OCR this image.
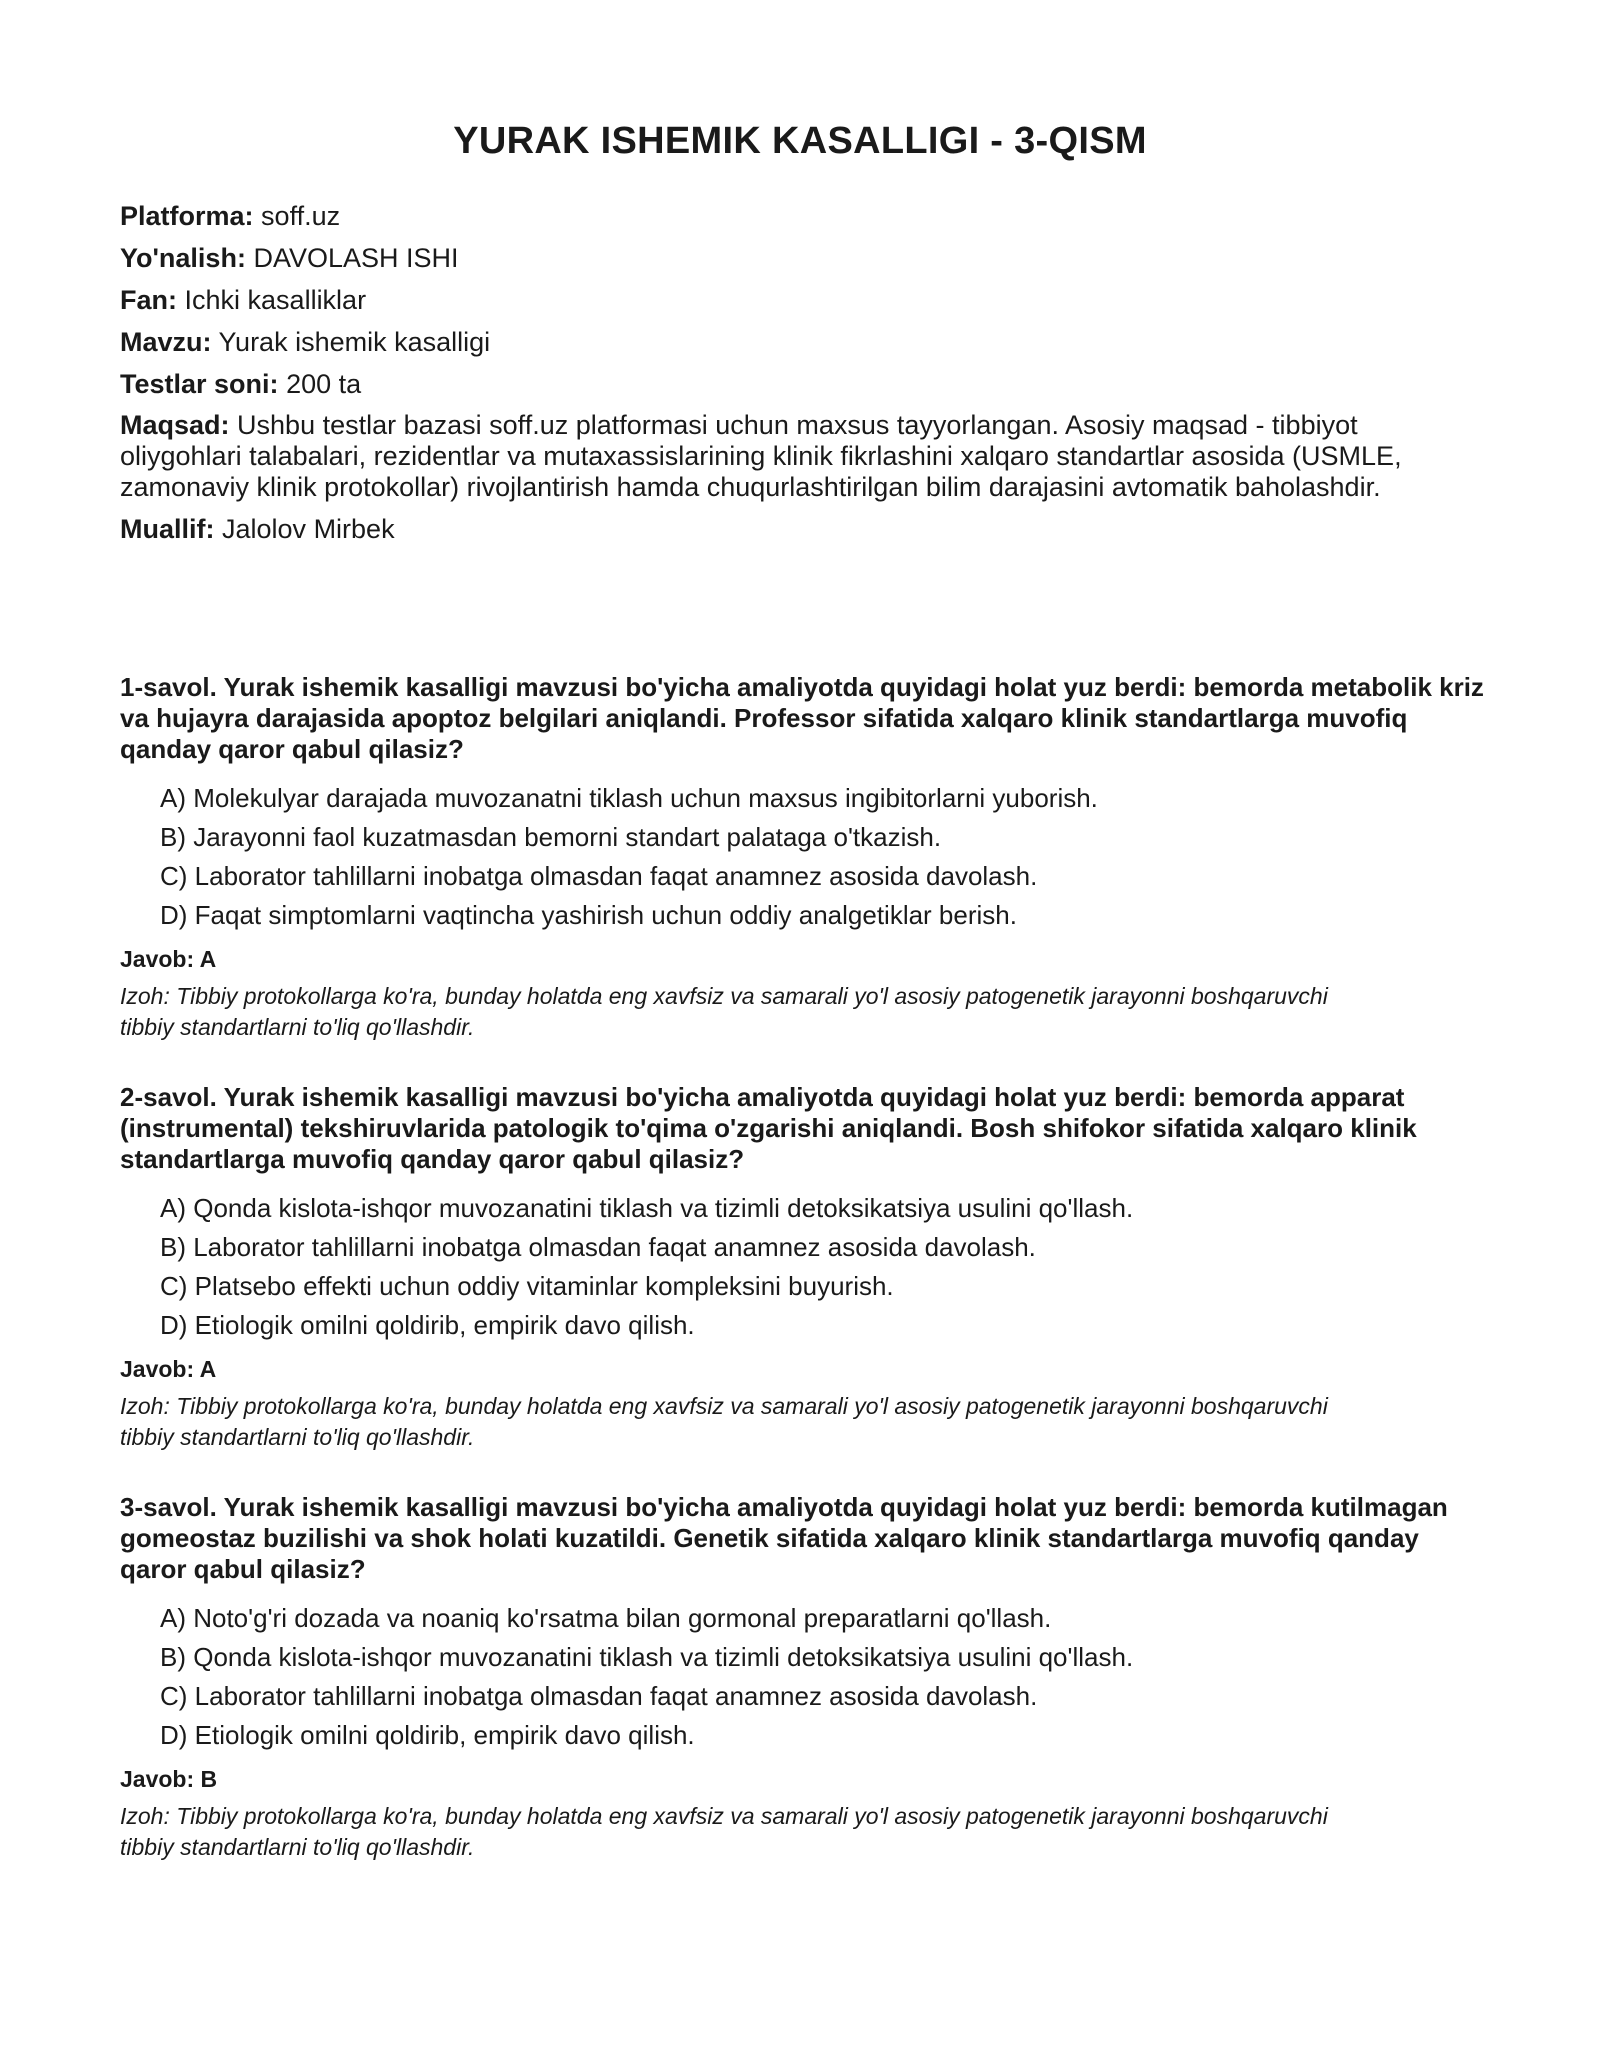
YURAK ISHEMIK KASALLIGI - 3-QISM

Platforma: soff.uz

Yo'nalish: DAVOLASH ISHI

Fan: Ichki kasalliklar

Mavzu: Yurak ishemik kasalligi

Testlar soni: 200 ta

Maqsad: Ushbu testlar bazasi soff.uz platformasi uchun maxsus tayyorlangan. Asosiy maqsad - tibbiyot oliygohlari talabalari, rezidentlar va mutaxassislarining klinik fikrlashini xalqaro standartlar asosida (USMLE, zamonaviy klinik protokollar) rivojlantirish hamda chuqurlashtirilgan bilim darajasini avtomatik baholashdir.

Muallif: Jalolov Mirbek

1-savol. Yurak ishemik kasalligi mavzusi bo'yicha amaliyotda quyidagi holat yuz berdi: bemorda metabolik kriz va hujayra darajasida apoptoz belgilari aniqlandi. Professor sifatida xalqaro klinik standartlarga muvofiq qanday qaror qabul qilasiz?

A) Molekulyar darajada muvozanatni tiklash uchun maxsus ingibitorlarni yuborish.
B) Jarayonni faol kuzatmasdan bemorni standart palataga o'tkazish.
C) Laborator tahlillarni inobatga olmasdan faqat anamnez asosida davolash.
D) Faqat simptomlarni vaqtincha yashirish uchun oddiy analgetiklar berish.

Javob: A

Izoh: Tibbiy protokollarga ko'ra, bunday holatda eng xavfsiz va samarali yo'l asosiy patogenetik jarayonni boshqaruvchi tibbiy standartlarni to'liq qo'llashdir.

2-savol. Yurak ishemik kasalligi mavzusi bo'yicha amaliyotda quyidagi holat yuz berdi: bemorda apparat (instrumental) tekshiruvlarida patologik to'qima o'zgarishi aniqlandi. Bosh shifokor sifatida xalqaro klinik standartlarga muvofiq qanday qaror qabul qilasiz?

A) Qonda kislota-ishqor muvozanatini tiklash va tizimli detoksikatsiya usulini qo'llash.
B) Laborator tahlillarni inobatga olmasdan faqat anamnez asosida davolash.
C) Platsebo effekti uchun oddiy vitaminlar kompleksini buyurish.
D) Etiologik omilni qoldirib, empirik davo qilish.

Javob: A

Izoh: Tibbiy protokollarga ko'ra, bunday holatda eng xavfsiz va samarali yo'l asosiy patogenetik jarayonni boshqaruvchi tibbiy standartlarni to'liq qo'llashdir.

3-savol. Yurak ishemik kasalligi mavzusi bo'yicha amaliyotda quyidagi holat yuz berdi: bemorda kutilmagan gomeostaz buzilishi va shok holati kuzatildi. Genetik sifatida xalqaro klinik standartlarga muvofiq qanday qaror qabul qilasiz?

A) Noto'g'ri dozada va noaniq ko'rsatma bilan gormonal preparatlarni qo'llash.
B) Qonda kislota-ishqor muvozanatini tiklash va tizimli detoksikatsiya usulini qo'llash.
C) Laborator tahlillarni inobatga olmasdan faqat anamnez asosida davolash.
D) Etiologik omilni qoldirib, empirik davo qilish.

Javob: B

Izoh: Tibbiy protokollarga ko'ra, bunday holatda eng xavfsiz va samarali yo'l asosiy patogenetik jarayonni boshqaruvchi tibbiy standartlarni to'liq qo'llashdir.
